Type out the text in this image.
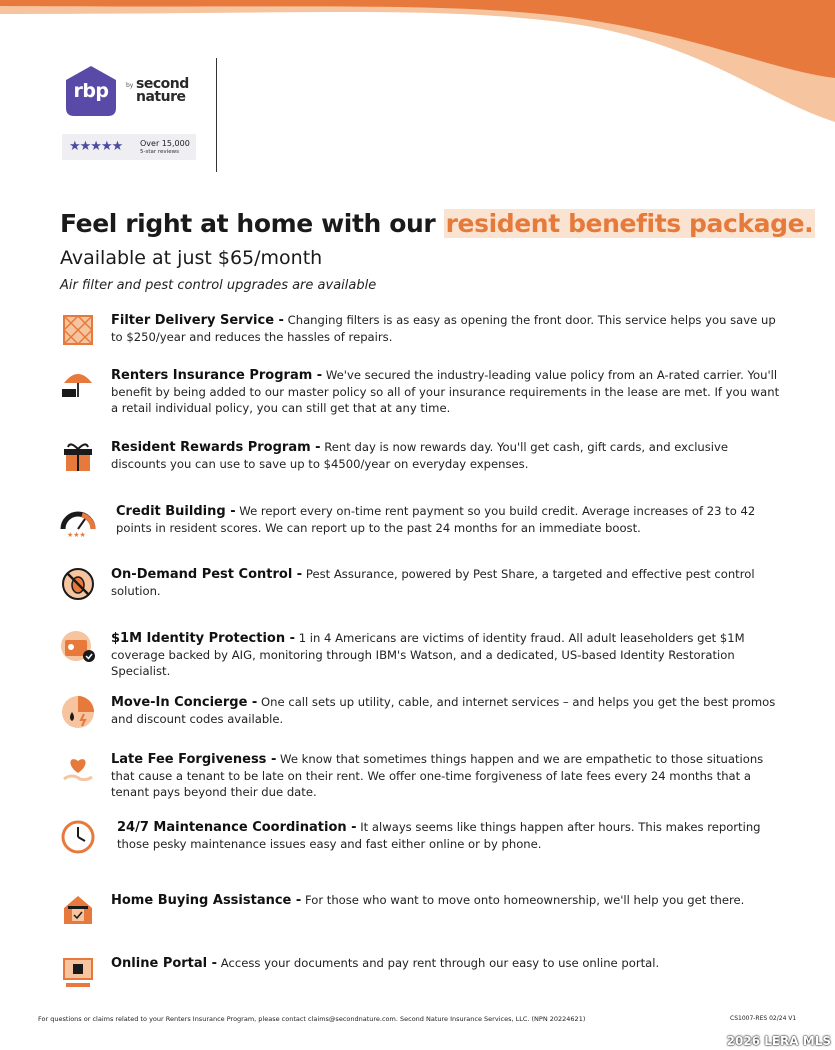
rbp	by second
nature
★★★★★ Over 15,000
5-star reviews
Feel right at home with our resident benefits package.
Available at just $65/month
Air filter and pest control upgrades are available
Filter Delivery Service - Changing filters is as easy as opening the front door. This service helps you save up to $250/year and reduces the hassles of repairs.
Renters Insurance Program - We've secured the industry-leading value policy from an A-rated carrier. You'll benefit by being added to our master policy so all of your insurance requirements in the lease are met. If you want a retail individual policy, you can still get that at any time.
Resident Rewards Program - Rent day is now rewards day. You'll get cash, gift cards, and exclusive discounts you can use to save up to $4500/year on everyday expenses.
★★★
Credit Building - We report every on-time rent payment so you build credit. Average increases of 23 to 42 points in resident scores. We can report up to the past 24 months for an immediate boost.
On-Demand Pest Control - Pest Assurance, powered by Pest Share, a targeted and effective pest control solution.
$1M Identity Protection - 1 in 4 Americans are victims of identity fraud. All adult leaseholders get $1M coverage backed by AIG, monitoring through IBM's Watson, and a dedicated, US-based Identity Restoration Specialist.
Move-In Concierge - One call sets up utility, cable, and internet services – and helps you get the best promos and discount codes available.
Late Fee Forgiveness - We know that sometimes things happen and we are empathetic to those situations that cause a tenant to be late on their rent. We offer one-time forgiveness of late fees every 24 months that a tenant pays beyond their due date.
24/7 Maintenance Coordination - It always seems like things happen after hours. This makes reporting those pesky maintenance issues easy and fast either online or by phone.
Home Buying Assistance - For those who want to move onto homeownership, we'll help you get there.
Online Portal - Access your documents and pay rent through our easy to use online portal.
For questions or claims related to your Renters Insurance Program, please contact claims@secondnature.com. Second Nature Insurance Services, LLC. (NPN 20224621)	CS1007-RES 02/24 V1
2026 LERA MLS
